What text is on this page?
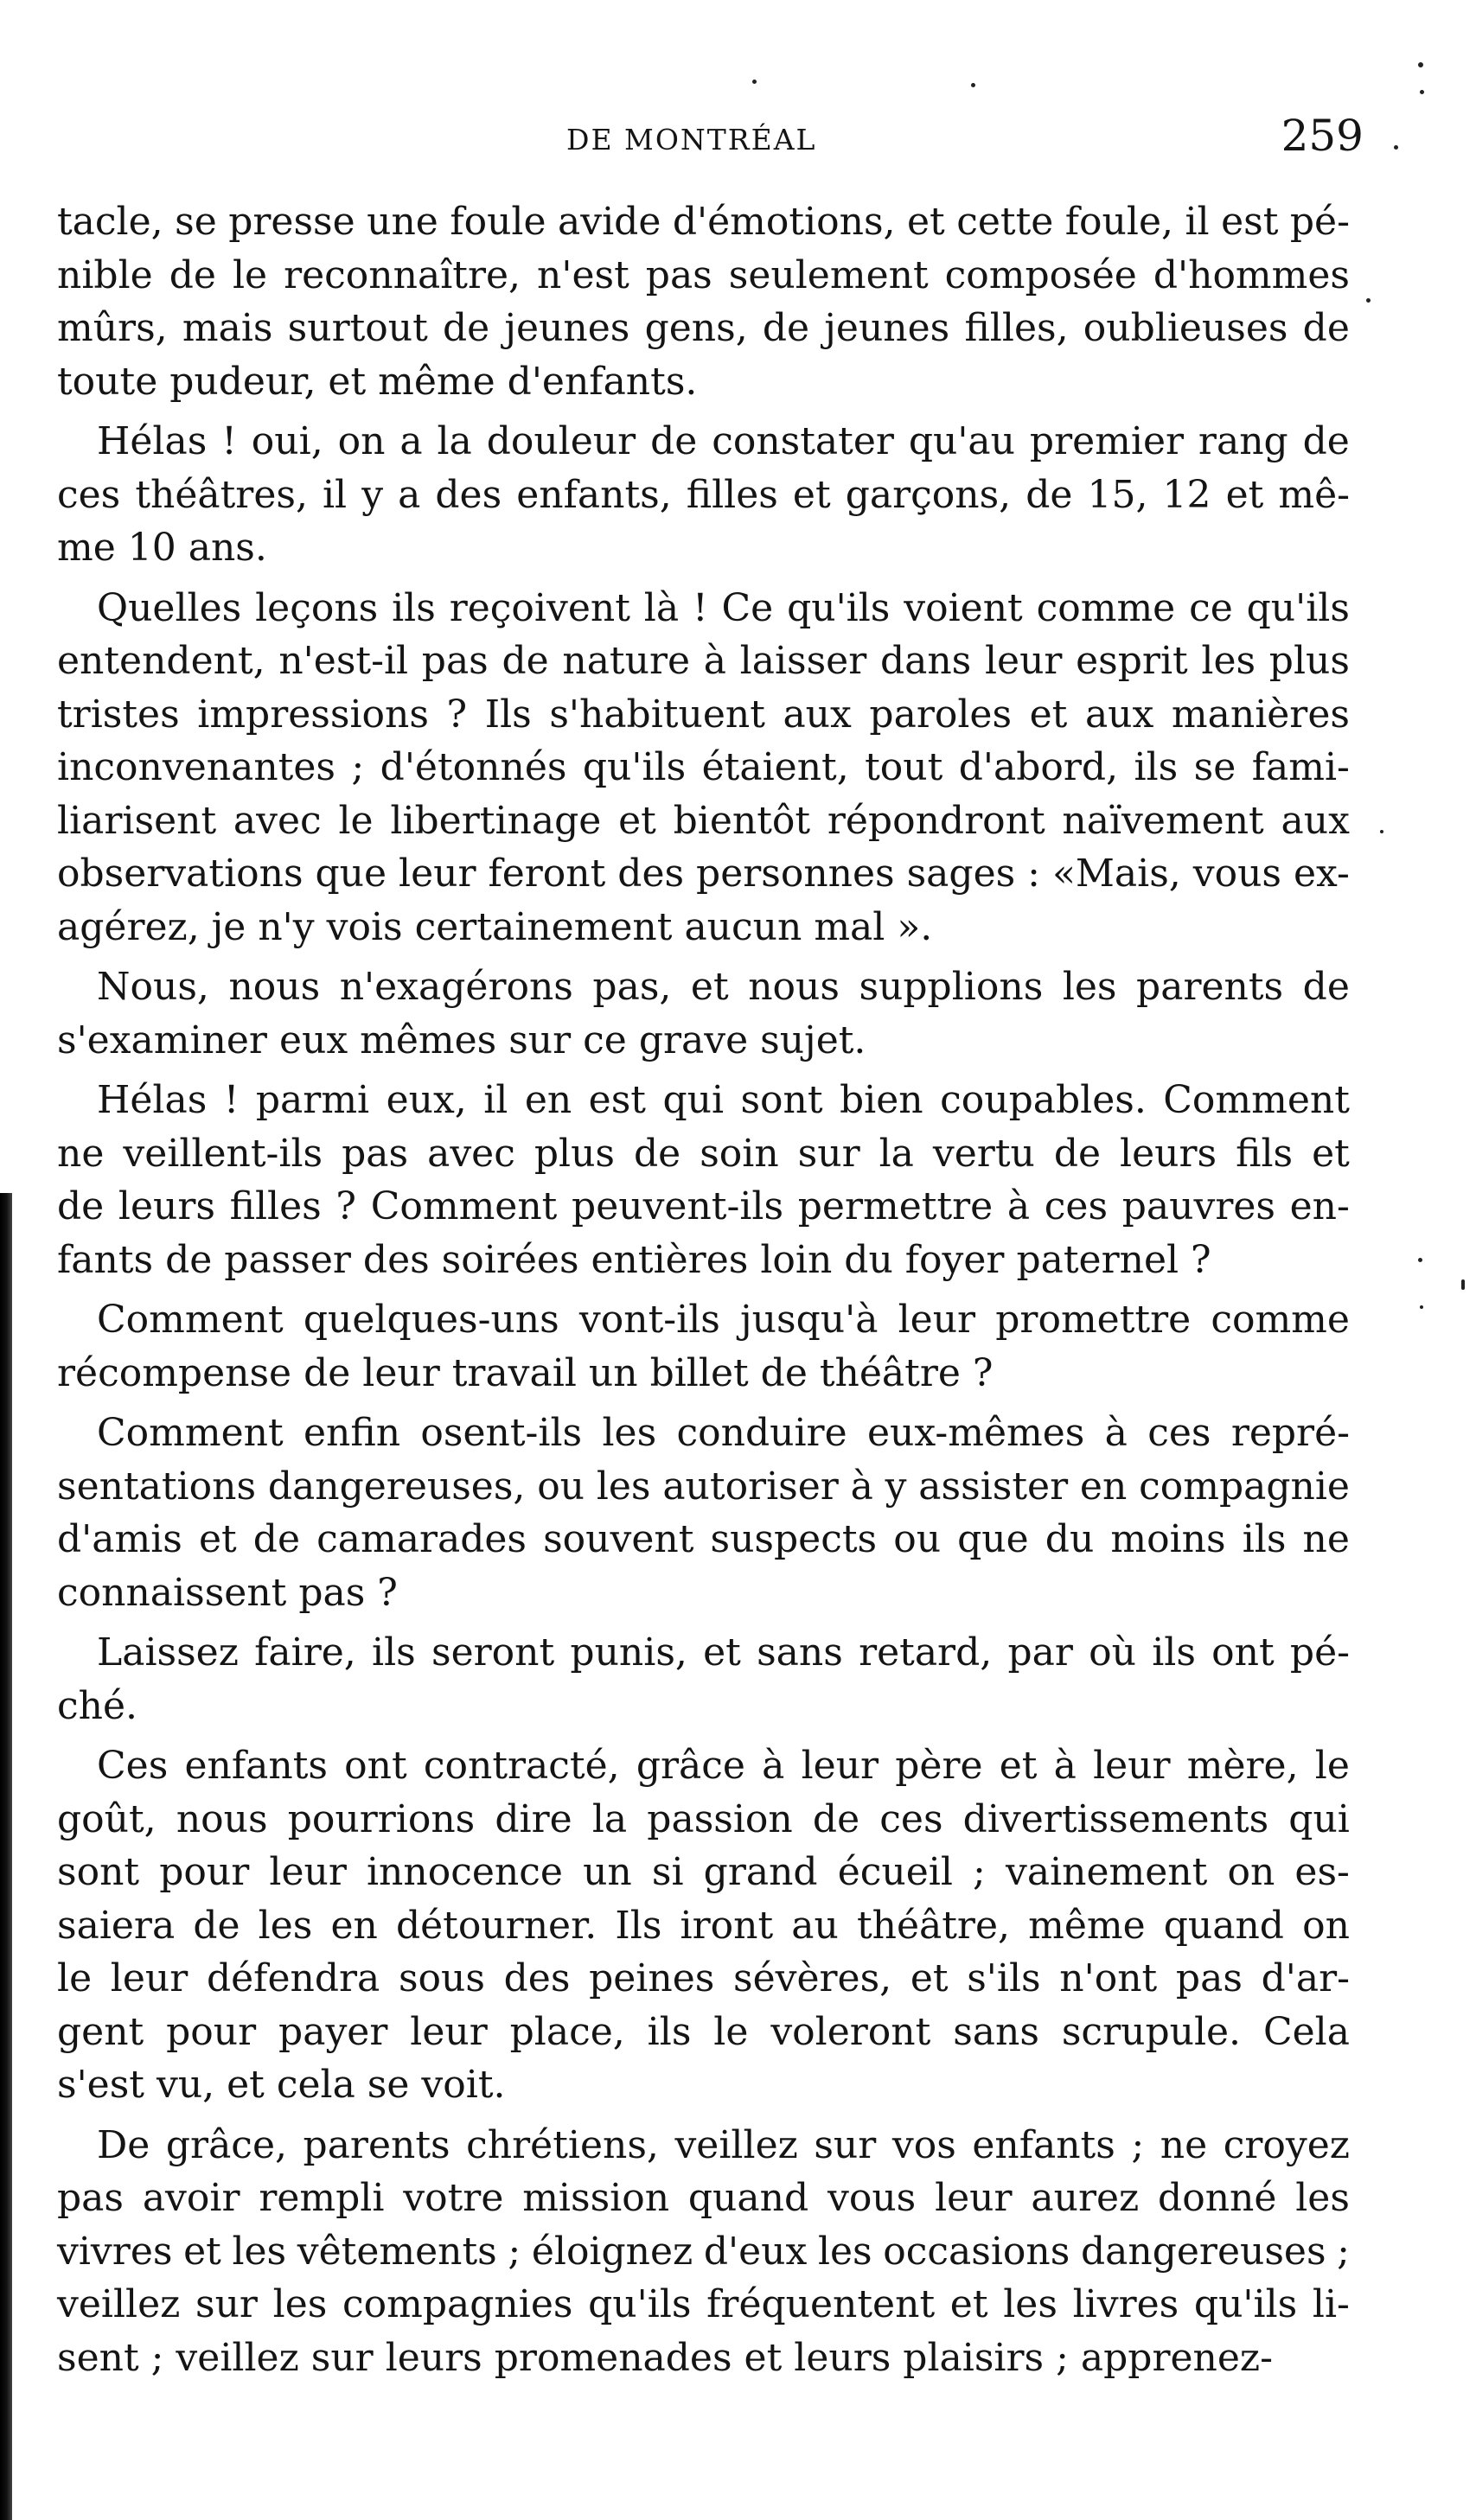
DE MONTRÉAL	259
tacle, se presse une foule avide d'émotions, et cette foule, il est pé-
nible de le reconnaître, n'est pas seulement composée d'hommes
mûrs, mais surtout de jeunes gens, de jeunes filles, oublieuses de
toute pudeur, et même d'enfants.
Hélas ! oui, on a la douleur de constater qu'au premier rang de
ces théâtres, il y a des enfants, filles et garçons, de 15, 12 et mê-
me 10 ans.
Quelles leçons ils reçoivent là ! Ce qu'ils voient comme ce qu'ils
entendent, n'est-il pas de nature à laisser dans leur esprit les plus
tristes impressions ? Ils s'habituent aux paroles et aux manières
inconvenantes ; d'étonnés qu'ils étaient, tout d'abord, ils se fami-
liarisent avec le libertinage et bientôt répondront naïvement aux
observations que leur feront des personnes sages : «Mais, vous ex-
agérez, je n'y vois certainement aucun mal ».
Nous, nous n'exagérons pas, et nous supplions les parents de
s'examiner eux mêmes sur ce grave sujet.
Hélas ! parmi eux, il en est qui sont bien coupables. Comment
ne veillent-ils pas avec plus de soin sur la vertu de leurs fils et
de leurs filles ? Comment peuvent-ils permettre à ces pauvres en-
fants de passer des soirées entières loin du foyer paternel ?
Comment quelques-uns vont-ils jusqu'à leur promettre comme
récompense de leur travail un billet de théâtre ?
Comment enfin osent-ils les conduire eux-mêmes à ces repré-
sentations dangereuses, ou les autoriser à y assister en compagnie
d'amis et de camarades souvent suspects ou que du moins ils ne
connaissent pas ?
Laissez faire, ils seront punis, et sans retard, par où ils ont pé-
ché.
Ces enfants ont contracté, grâce à leur père et à leur mère, le
goût, nous pourrions dire la passion de ces divertissements qui
sont pour leur innocence un si grand écueil ; vainement on es-
saiera de les en détourner. Ils iront au théâtre, même quand on
le leur défendra sous des peines sévères, et s'ils n'ont pas d'ar-
gent pour payer leur place, ils le voleront sans scrupule. Cela
s'est vu, et cela se voit.
De grâce, parents chrétiens, veillez sur vos enfants ; ne croyez
pas avoir rempli votre mission quand vous leur aurez donné les
vivres et les vêtements ; éloignez d'eux les occasions dangereuses ;
veillez sur les compagnies qu'ils fréquentent et les livres qu'ils li-
sent ; veillez sur leurs promenades et leurs plaisirs ; apprenez-
